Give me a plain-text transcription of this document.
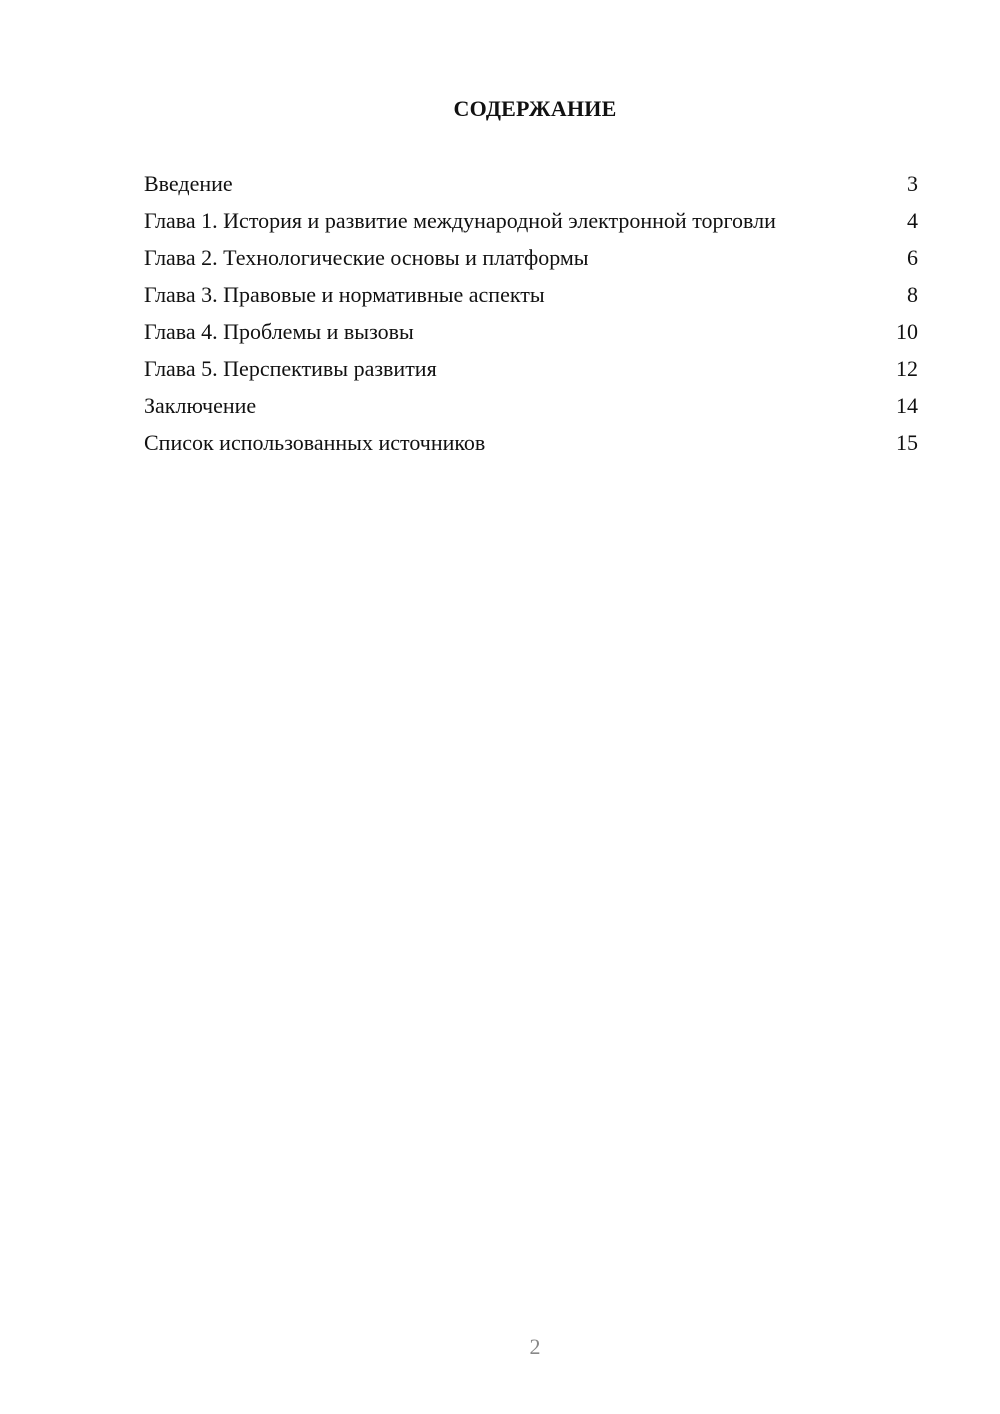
СОДЕРЖАНИЕ
Введение	3
Глава 1. История и развитие международной электронной торговли	4
Глава 2. Технологические основы и платформы	6
Глава 3. Правовые и нормативные аспекты	8
Глава 4. Проблемы и вызовы	10
Глава 5. Перспективы развития	12
Заключение	14
Список использованных источников	15
2
